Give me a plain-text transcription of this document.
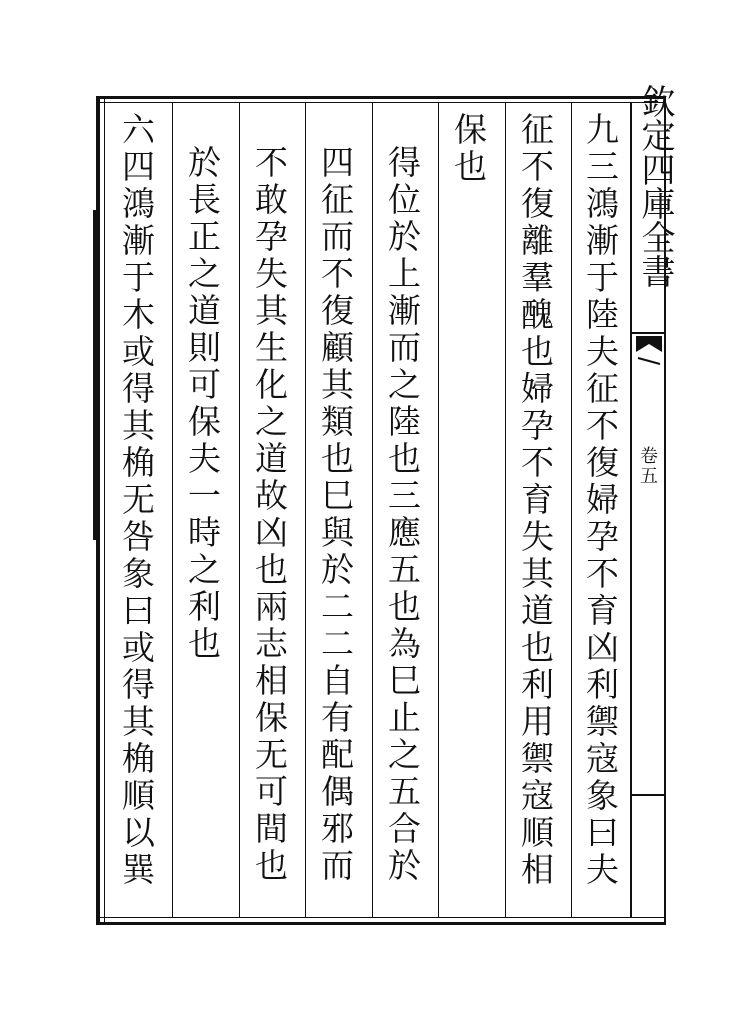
欽定四庫全書
卷五
九三鴻漸于陸夫征不復婦孕不育凶利禦寇象曰夫
征不復離羣醜也婦孕不育失其道也利用禦寇順相
保也
得位於上漸而之陸也三應五也為巳止之五合於
四征而不復顧其類也巳與於二二自有配偶邪而
不敢孕失其生化之道故凶也兩志相保无可間也
於長正之道則可保夫一時之利也
六四鴻漸于木或得其桷无咎象曰或得其桷順以巽
